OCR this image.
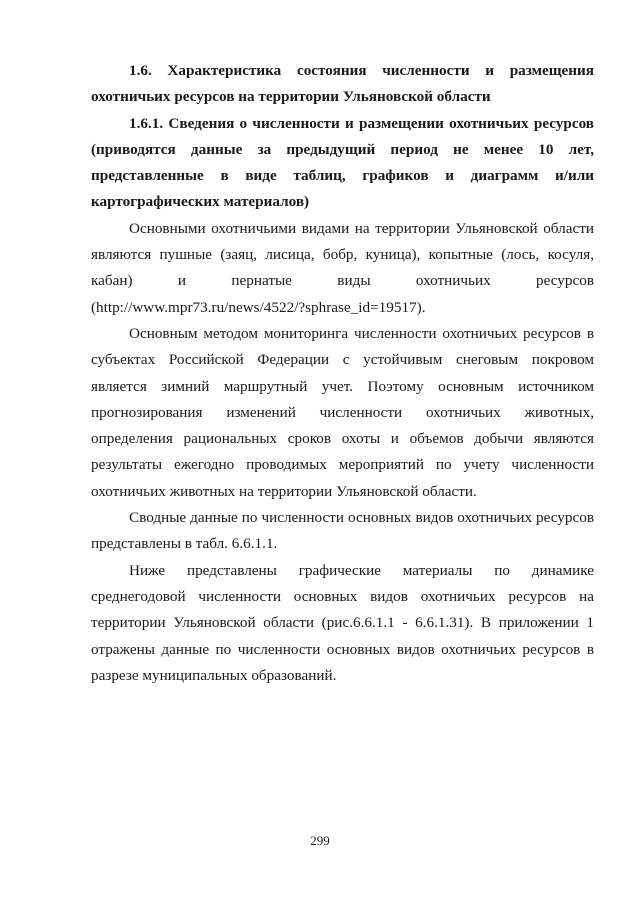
1.6. Характеристика состояния численности и размещения охотничьих ресурсов на территории Ульяновской области

1.6.1. Сведения о численности и размещении охотничьих ресурсов (приводятся данные за предыдущий период не менее 10 лет, представленные в виде таблиц, графиков и диаграмм и/или картографических материалов)

Основными охотничьими видами на территории Ульяновской области являются пушные (заяц, лисица, бобр, куница), копытные (лось, косуля, кабан) и пернатые виды охотничьих ресурсов (http://www.mpr73.ru/news/4522/?sphrase_id=19517).

Основным методом мониторинга численности охотничьих ресурсов в субъектах Российской Федерации с устойчивым снеговым покровом является зимний маршрутный учет. Поэтому основным источником прогнозирования изменений численности охотничьих животных, определения рациональных сроков охоты и объемов добычи являются результаты ежегодно проводимых мероприятий по учету численности охотничьих животных на территории Ульяновской области.

Сводные данные по численности основных видов охотничьих ресурсов представлены в табл. 6.6.1.1.

Ниже представлены графические материалы по динамике среднегодовой численности основных видов охотничьих ресурсов на территории Ульяновской области (рис.6.6.1.1 - 6.6.1.31). В приложении 1 отражены данные по численности основных видов охотничьих ресурсов в разрезе муниципальных образований.

299
